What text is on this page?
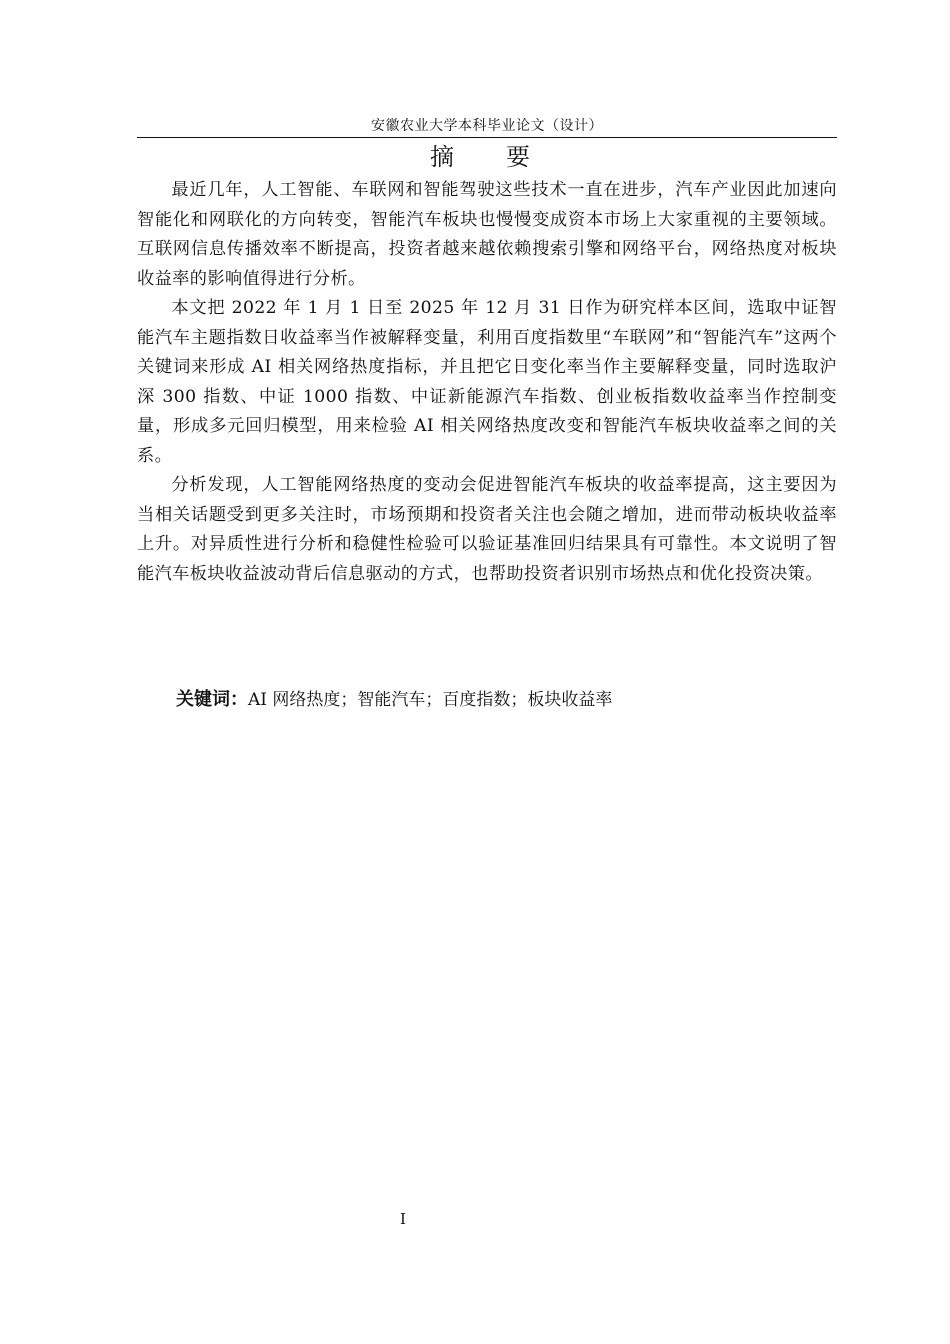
安徽农业大学本科毕业论文（设计）
摘　要

最近几年，人工智能、车联网和智能驾驶这些技术一直在进步，汽车产业因此加速向智能化和网联化的方向转变，智能汽车板块也慢慢变成资本市场上大家重视的主要领域。互联网信息传播效率不断提高，投资者越来越依赖搜索引擎和网络平台，网络热度对板块收益率的影响值得进行分析。

本文把 2022 年 1 月 1 日至 2025 年 12 月 31 日作为研究样本区间，选取中证智能汽车主题指数日收益率当作被解释变量，利用百度指数里“车联网”和“智能汽车”这两个关键词来形成 AI 相关网络热度指标，并且把它日变化率当作主要解释变量，同时选取沪深 300 指数、中证 1000 指数、中证新能源汽车指数、创业板指数收益率当作控制变量，形成多元回归模型，用来检验 AI 相关网络热度改变和智能汽车板块收益率之间的关系。

分析发现，人工智能网络热度的变动会促进智能汽车板块的收益率提高，这主要因为当相关话题受到更多关注时，市场预期和投资者关注也会随之增加，进而带动板块收益率上升。对异质性进行分析和稳健性检验可以验证基准回归结果具有可靠性。本文说明了智能汽车板块收益波动背后信息驱动的方式，也帮助投资者识别市场热点和优化投资决策。

关键词：AI 网络热度；智能汽车；百度指数；板块收益率
I
